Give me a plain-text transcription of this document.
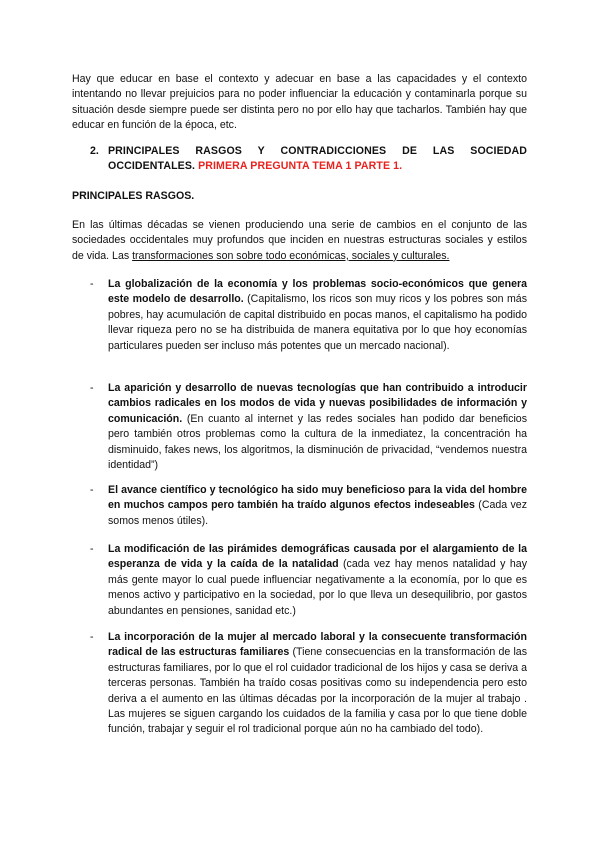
Hay que educar en base el contexto y adecuar en base a las capacidades y el contexto intentando no llevar prejuicios para no poder influenciar la educación y contaminarla porque su situación desde siempre puede ser distinta pero no por ello hay que tacharlos. También hay que educar en función de la época, etc.

2. PRINCIPALES RASGOS Y CONTRADICCIONES DE LAS SOCIEDAD OCCIDENTALES. PRIMERA PREGUNTA TEMA 1 PARTE 1.

PRINCIPALES RASGOS.

En las últimas décadas se vienen produciendo una serie de cambios en el conjunto de las sociedades occidentales muy profundos que inciden en nuestras estructuras sociales y estilos de vida. Las transformaciones son sobre todo económicas, sociales y culturales.

- La globalización de la economía y los problemas socio-económicos que genera este modelo de desarrollo. (Capitalismo, los ricos son muy ricos y los pobres son más pobres, hay acumulación de capital distribuido en pocas manos, el capitalismo ha podido llevar riqueza pero no se ha distribuida de manera equitativa por lo que hoy economías particulares pueden ser incluso más potentes que un mercado nacional).
- La aparición y desarrollo de nuevas tecnologías que han contribuido a introducir cambios radicales en los modos de vida y nuevas posibilidades de información y comunicación. (En cuanto al internet y las redes sociales han podido dar beneficios pero también otros problemas como la cultura de la inmediatez, la concentración ha disminuido, fakes news, los algoritmos, la disminución de privacidad, “vendemos nuestra identidad”)
- El avance científico y tecnológico ha sido muy beneficioso para la vida del hombre en muchos campos pero también ha traído algunos efectos indeseables (Cada vez somos menos útiles).
- La modificación de las pirámides demográficas causada por el alargamiento de la esperanza de vida y la caída de la natalidad (cada vez hay menos natalidad y hay más gente mayor lo cual puede influenciar negativamente a la economía, por lo que es menos activo y participativo en la sociedad, por lo que lleva un desequilibrio, por gastos abundantes en pensiones, sanidad etc.)
- La incorporación de la mujer al mercado laboral y la consecuente transformación radical de las estructuras familiares (Tiene consecuencias en la transformación de las estructuras familiares, por lo que el rol cuidador tradicional de los hijos y casa se deriva a terceras personas. También ha traído cosas positivas como su independencia pero esto deriva a el aumento en las últimas décadas por la incorporación de la mujer al trabajo . Las mujeres se siguen cargando los cuidados de la familia y casa por lo que tiene doble función, trabajar y seguir el rol tradicional porque aún no ha cambiado del todo).
